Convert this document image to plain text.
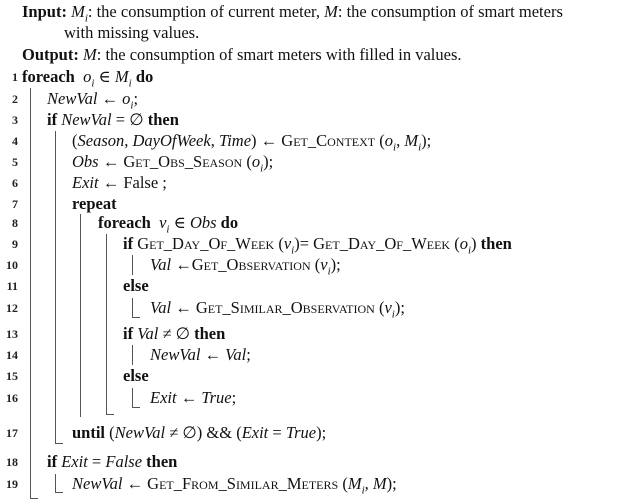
Input: $M_i$: the consumption of current meter, M: the consumption of smart meters
with missing values.
Output: M: the consumption of smart meters with filled in values.
1
2
3
4
5
6
7
8
9
10
11
12
13
14
15
16
17
18
19
foreach $o_i$ ∈ $M_i$ do
NewVal ← $o_i$;
if NewVal = ∅ then
(Season, DayOfWeek, Time) ← Get_Context ($o_i$, $M_i$);
Obs ← Get_Obs_Season $(o_i)$;
Exit ← False ;
repeat
foreach $v_i$ ∈ Obs do
if Get_Day_Of_Week $(v_i)=$ Get_Day_Of_Week $(o_i)$ then
Val ←Get_Observation $(v_i)$;
else
Val ← Get_Similar_Observation $(v_i)$;
if Val ≠ ∅ then
NewVal ← Val;
else
Exit ← True;
until (NewVal ≠ ∅) && (Exit = True);
if Exit = False then
NewVal ← Get_From_Similar_Meters ($M_i$, M);
